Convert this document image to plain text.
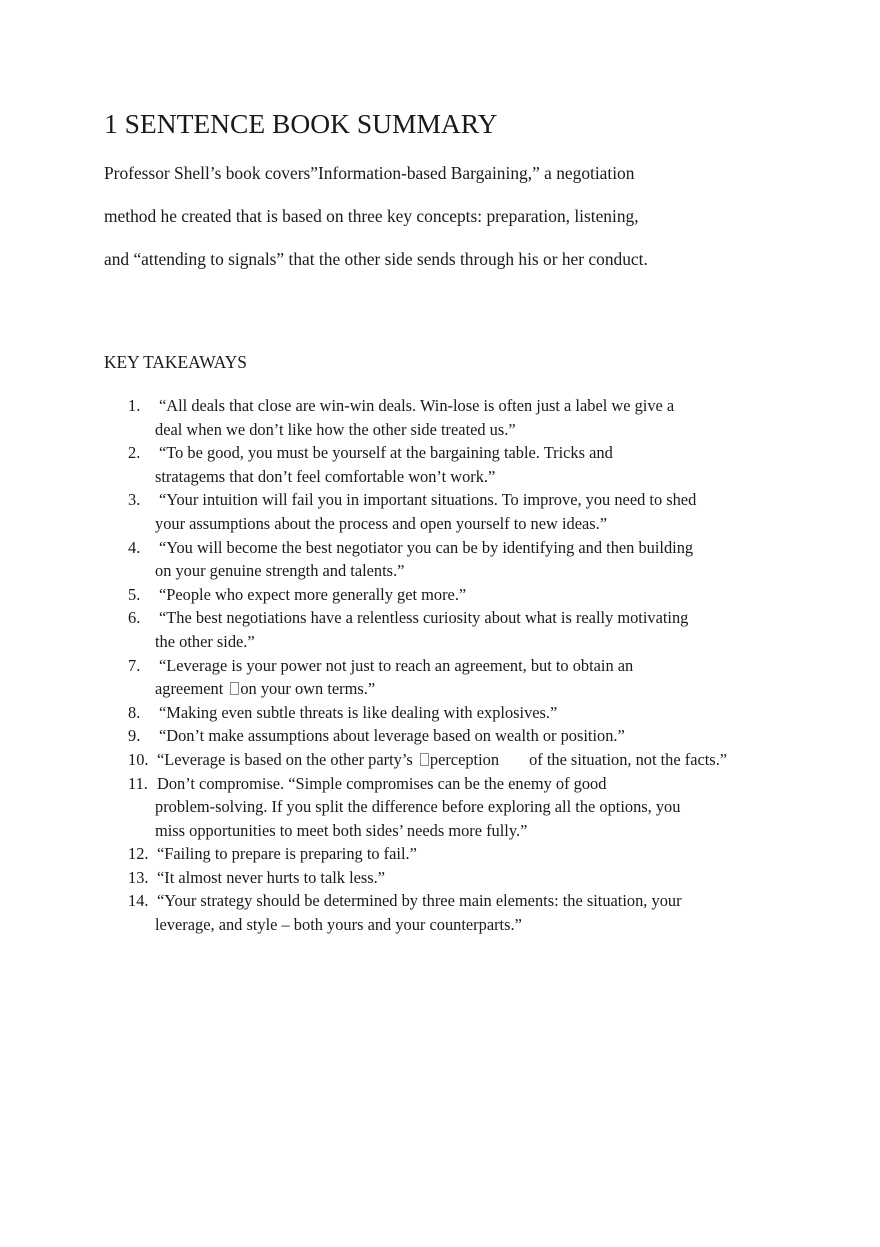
1 SENTENCE BOOK SUMMARY

Professor Shell’s book covers”Information-based Bargaining,” a negotiation

method he created that is based on three key concepts: preparation, listening,

and “attending to signals” that the other side sends through his or her conduct.

KEY TAKEAWAYS
1.	“All deals that close are win-win deals. Win-lose is often just a label we give a
deal when we don’t like how the other side treated us.”
2.	“To be good, you must be yourself at the bargaining table. Tricks and
stratagems that don’t feel comfortable won’t work.”
3.	“Your intuition will fail you in important situations. To improve, you need to shed
your assumptions about the process and open yourself to new ideas.”
4.	“You will become the best negotiator you can be by identifying and then building
on your genuine strength and talents.”
5.	“People who expect more generally get more.”
6.	“The best negotiations have a relentless curiosity about what is really motivating
the other side.”
7.	“Leverage is your power not just to reach an agreement, but to obtain an
agreement on your own terms.”
8.	“Making even subtle threats is like dealing with explosives.”
9.	“Don’t make assumptions about leverage based on wealth or position.”
10. “Leverage is based on the other party’s perception of the situation, not the facts.”
11. Don’t compromise. “Simple compromises can be the enemy of good
problem-solving. If you split the difference before exploring all the options, you
miss opportunities to meet both sides’ needs more fully.”
12. “Failing to prepare is preparing to fail.”
13. “It almost never hurts to talk less.”
14. “Your strategy should be determined by three main elements: the situation, your
leverage, and style – both yours and your counterparts.”
